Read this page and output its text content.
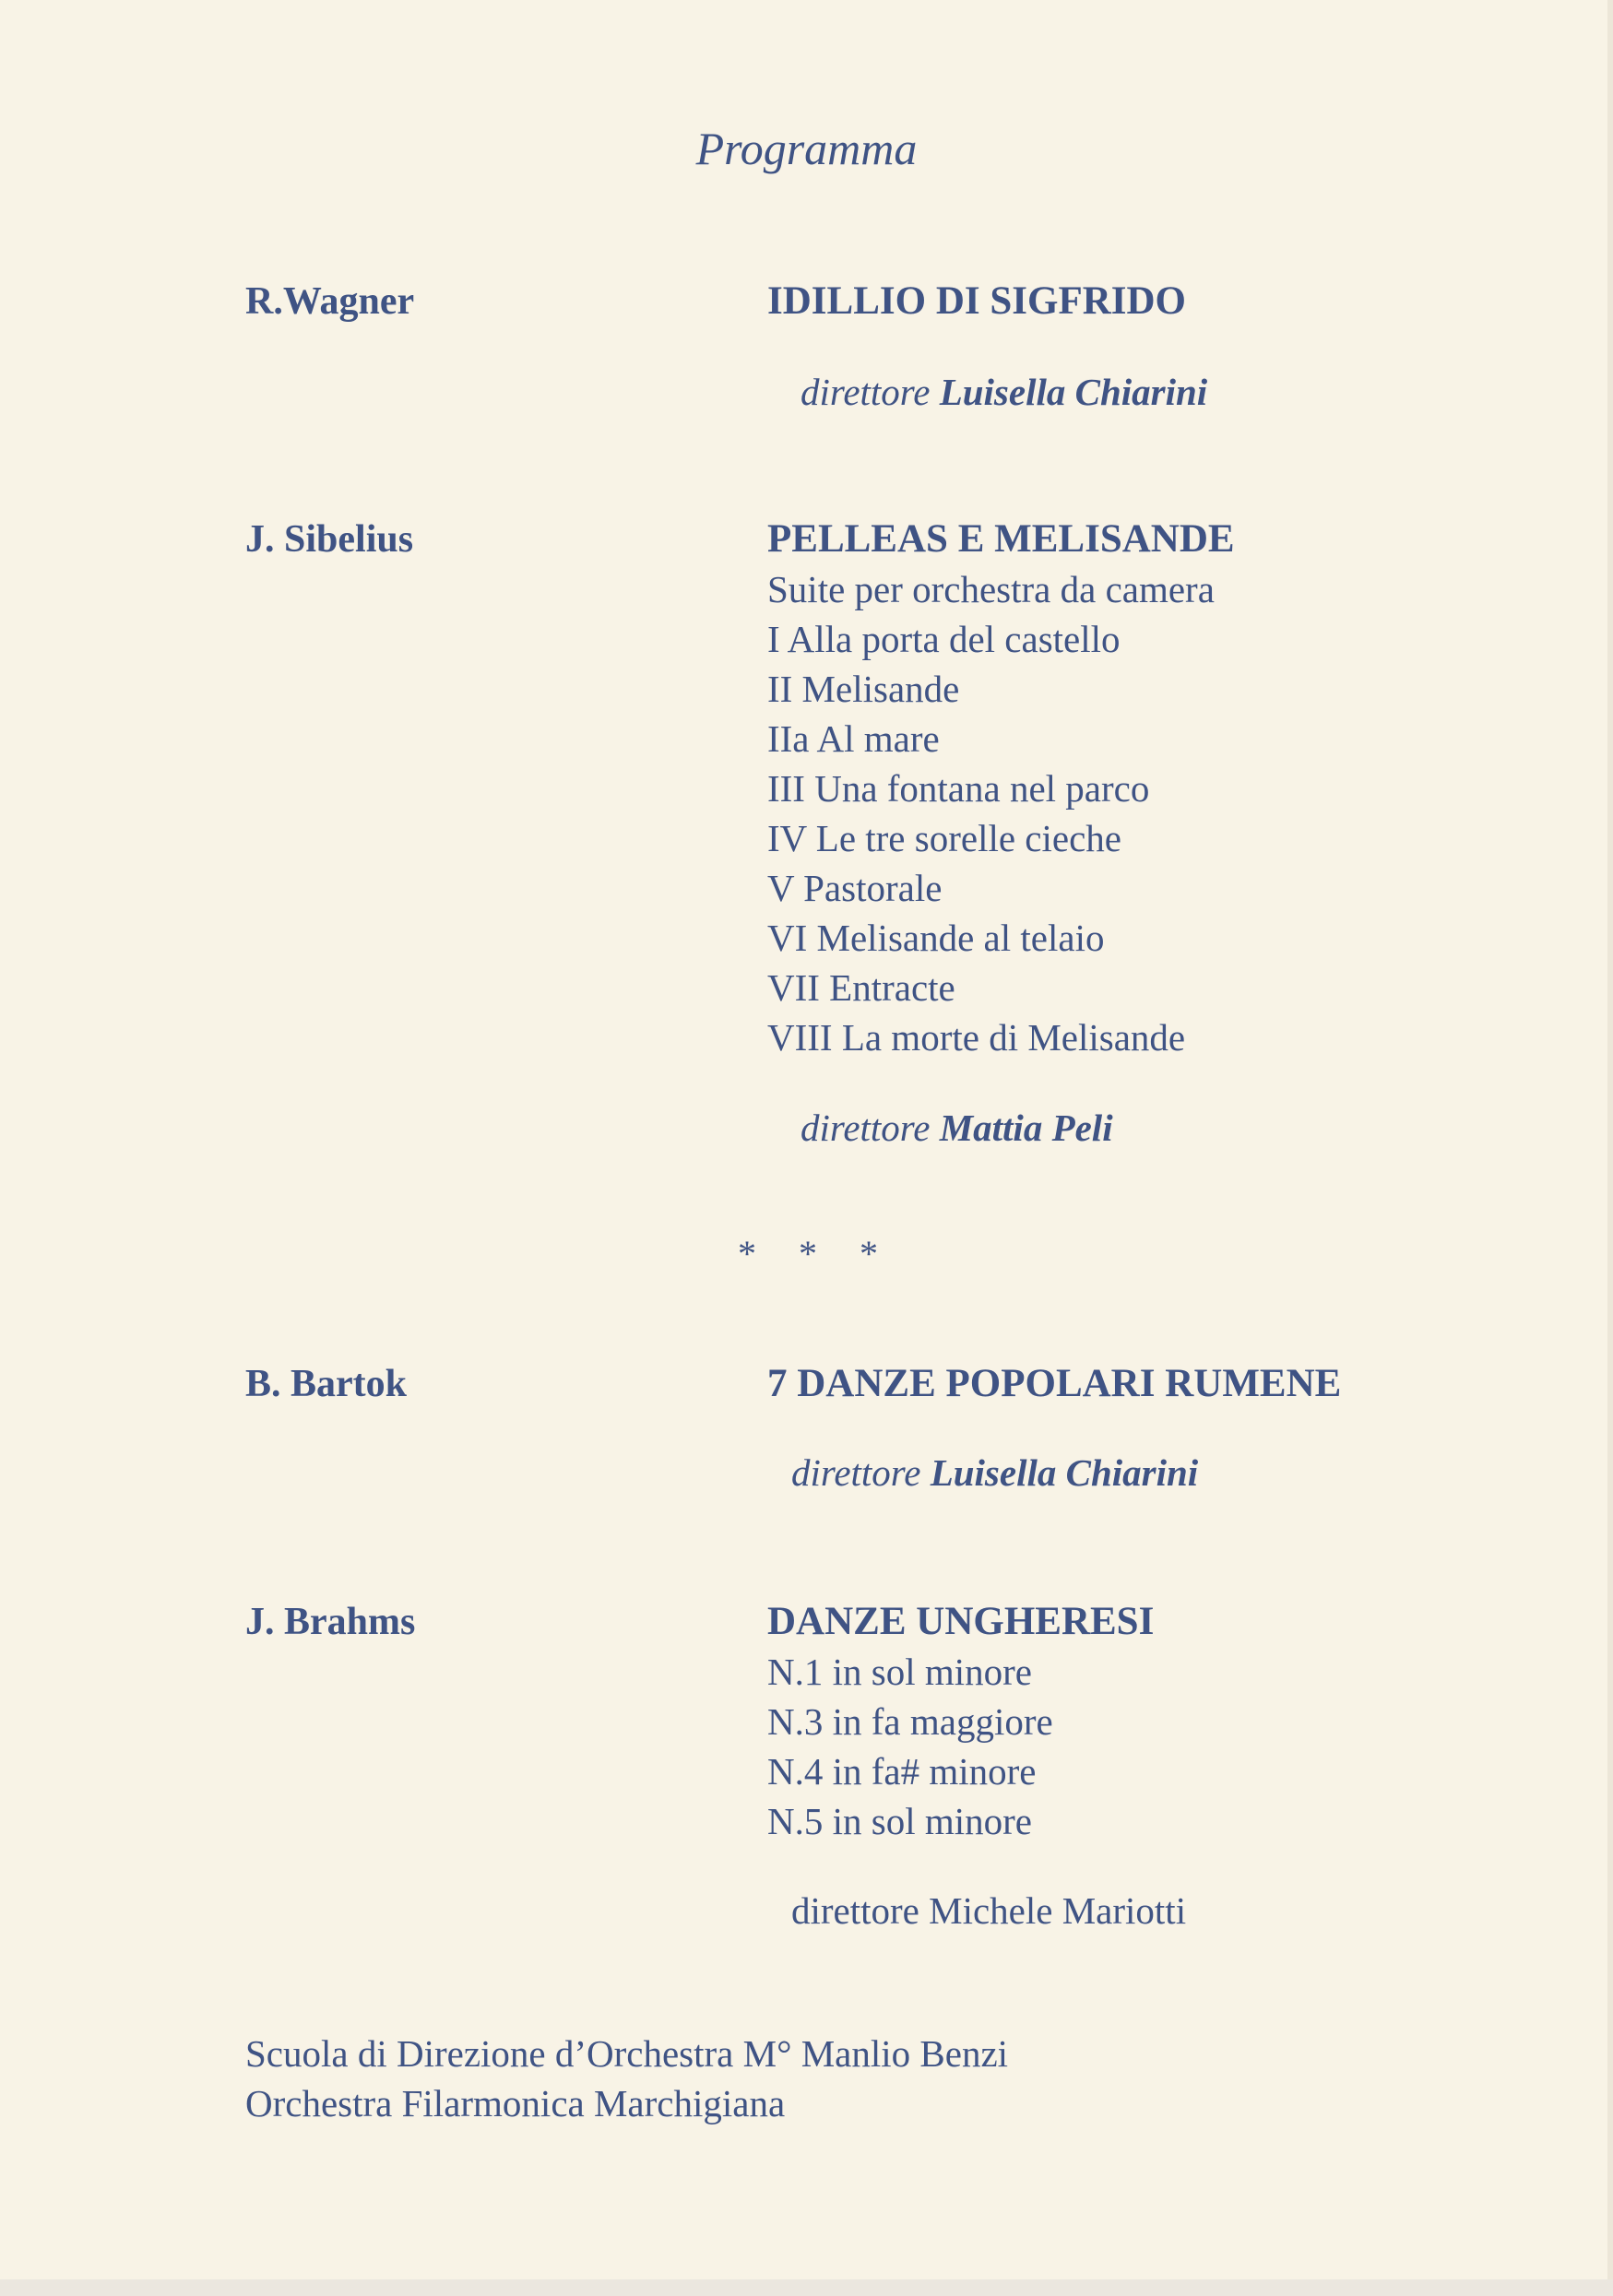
Programma
R.Wagner	IDILLIO DI SIGFRIDO
direttore Luisella Chiarini
J. Sibelius	PELLEAS E MELISANDE
Suite per orchestra da camera
I Alla porta del castello
II Melisande
IIa Al mare
III Una fontana nel parco
IV Le tre sorelle cieche
V Pastorale
VI Melisande al telaio
VII Entracte
VIII La morte di Melisande
direttore Mattia Peli
* * *
B. Bartok	7 DANZE POPOLARI RUMENE
direttore Luisella Chiarini
J. Brahms	DANZE UNGHERESI
N.1 in sol minore
N.3 in fa maggiore
N.4 in fa# minore
N.5 in sol minore
direttore Michele Mariotti
Scuola di Direzione d’Orchestra M° Manlio Benzi
Orchestra Filarmonica Marchigiana
